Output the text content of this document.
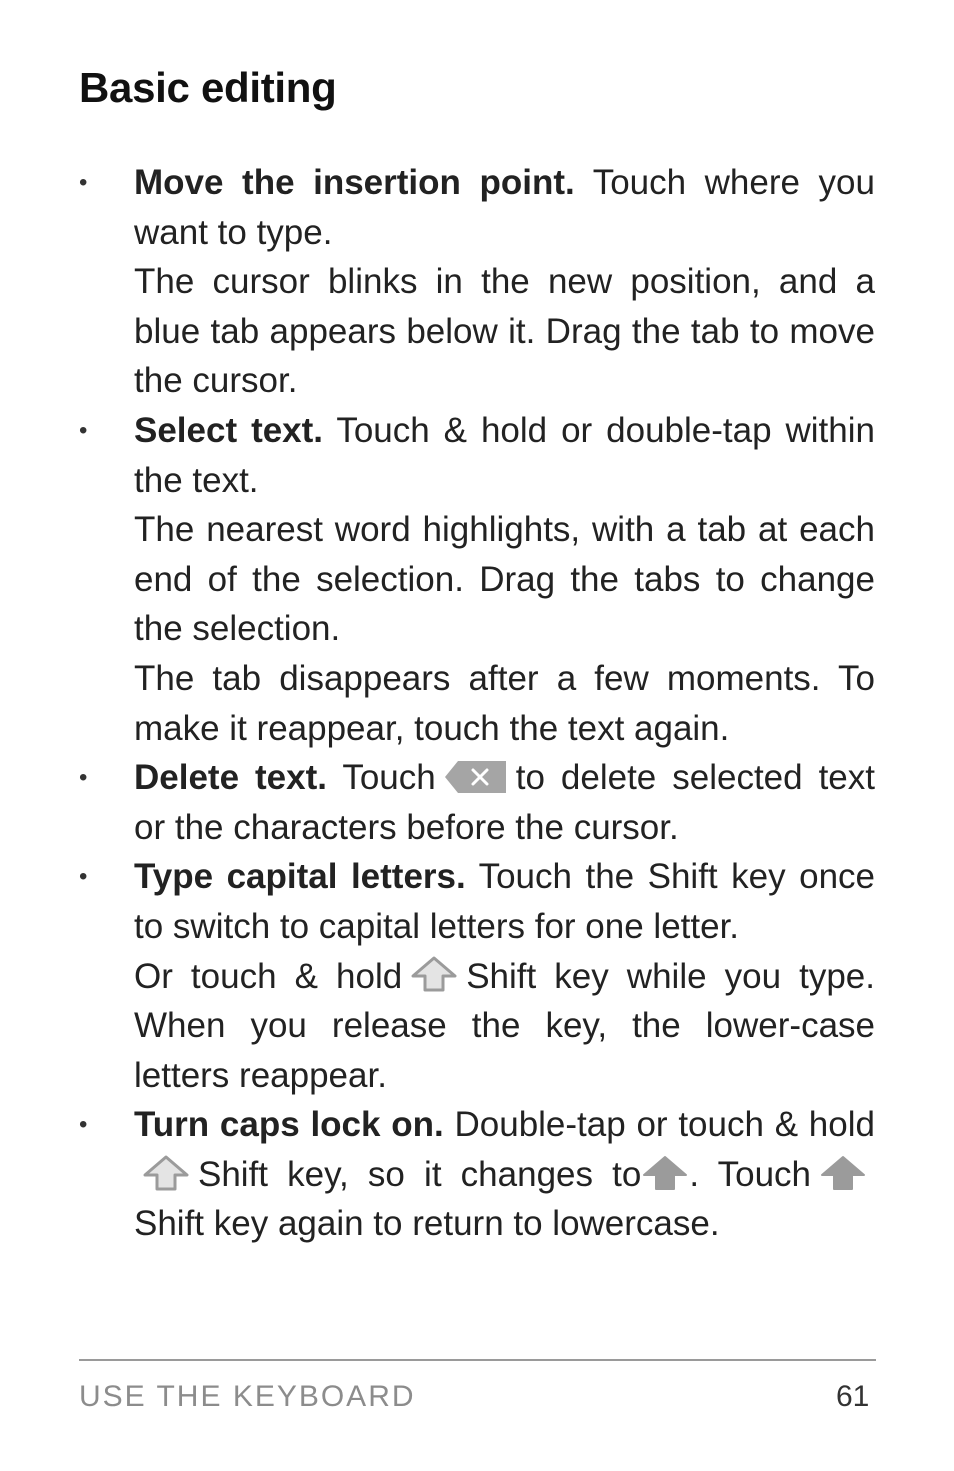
Basic editing
• Move the insertion point. Touch where you want to type.

The cursor blinks in the new position, and a blue tab appears below it. Drag the tab to move the cursor.

• Select text. Touch & hold or double-tap within the text.

The nearest word highlights, with a tab at each end of the selection. Drag the tabs to change the selection.

The tab disappears after a few moments. To make it reappear, touch the text again.

• Delete text. Touch to delete selected text or the characters before the cursor.

• Type capital letters. Touch the Shift key once to switch to capital letters for one letter.

Or touch & hold Shift key while you type. When you release the key, the lower-case letters reappear.

• Turn caps lock on. Double-tap or touch & holdShift key, so it changes to . TouchShift key again to return to lowercase.

USE THE KEYBOARD	61
